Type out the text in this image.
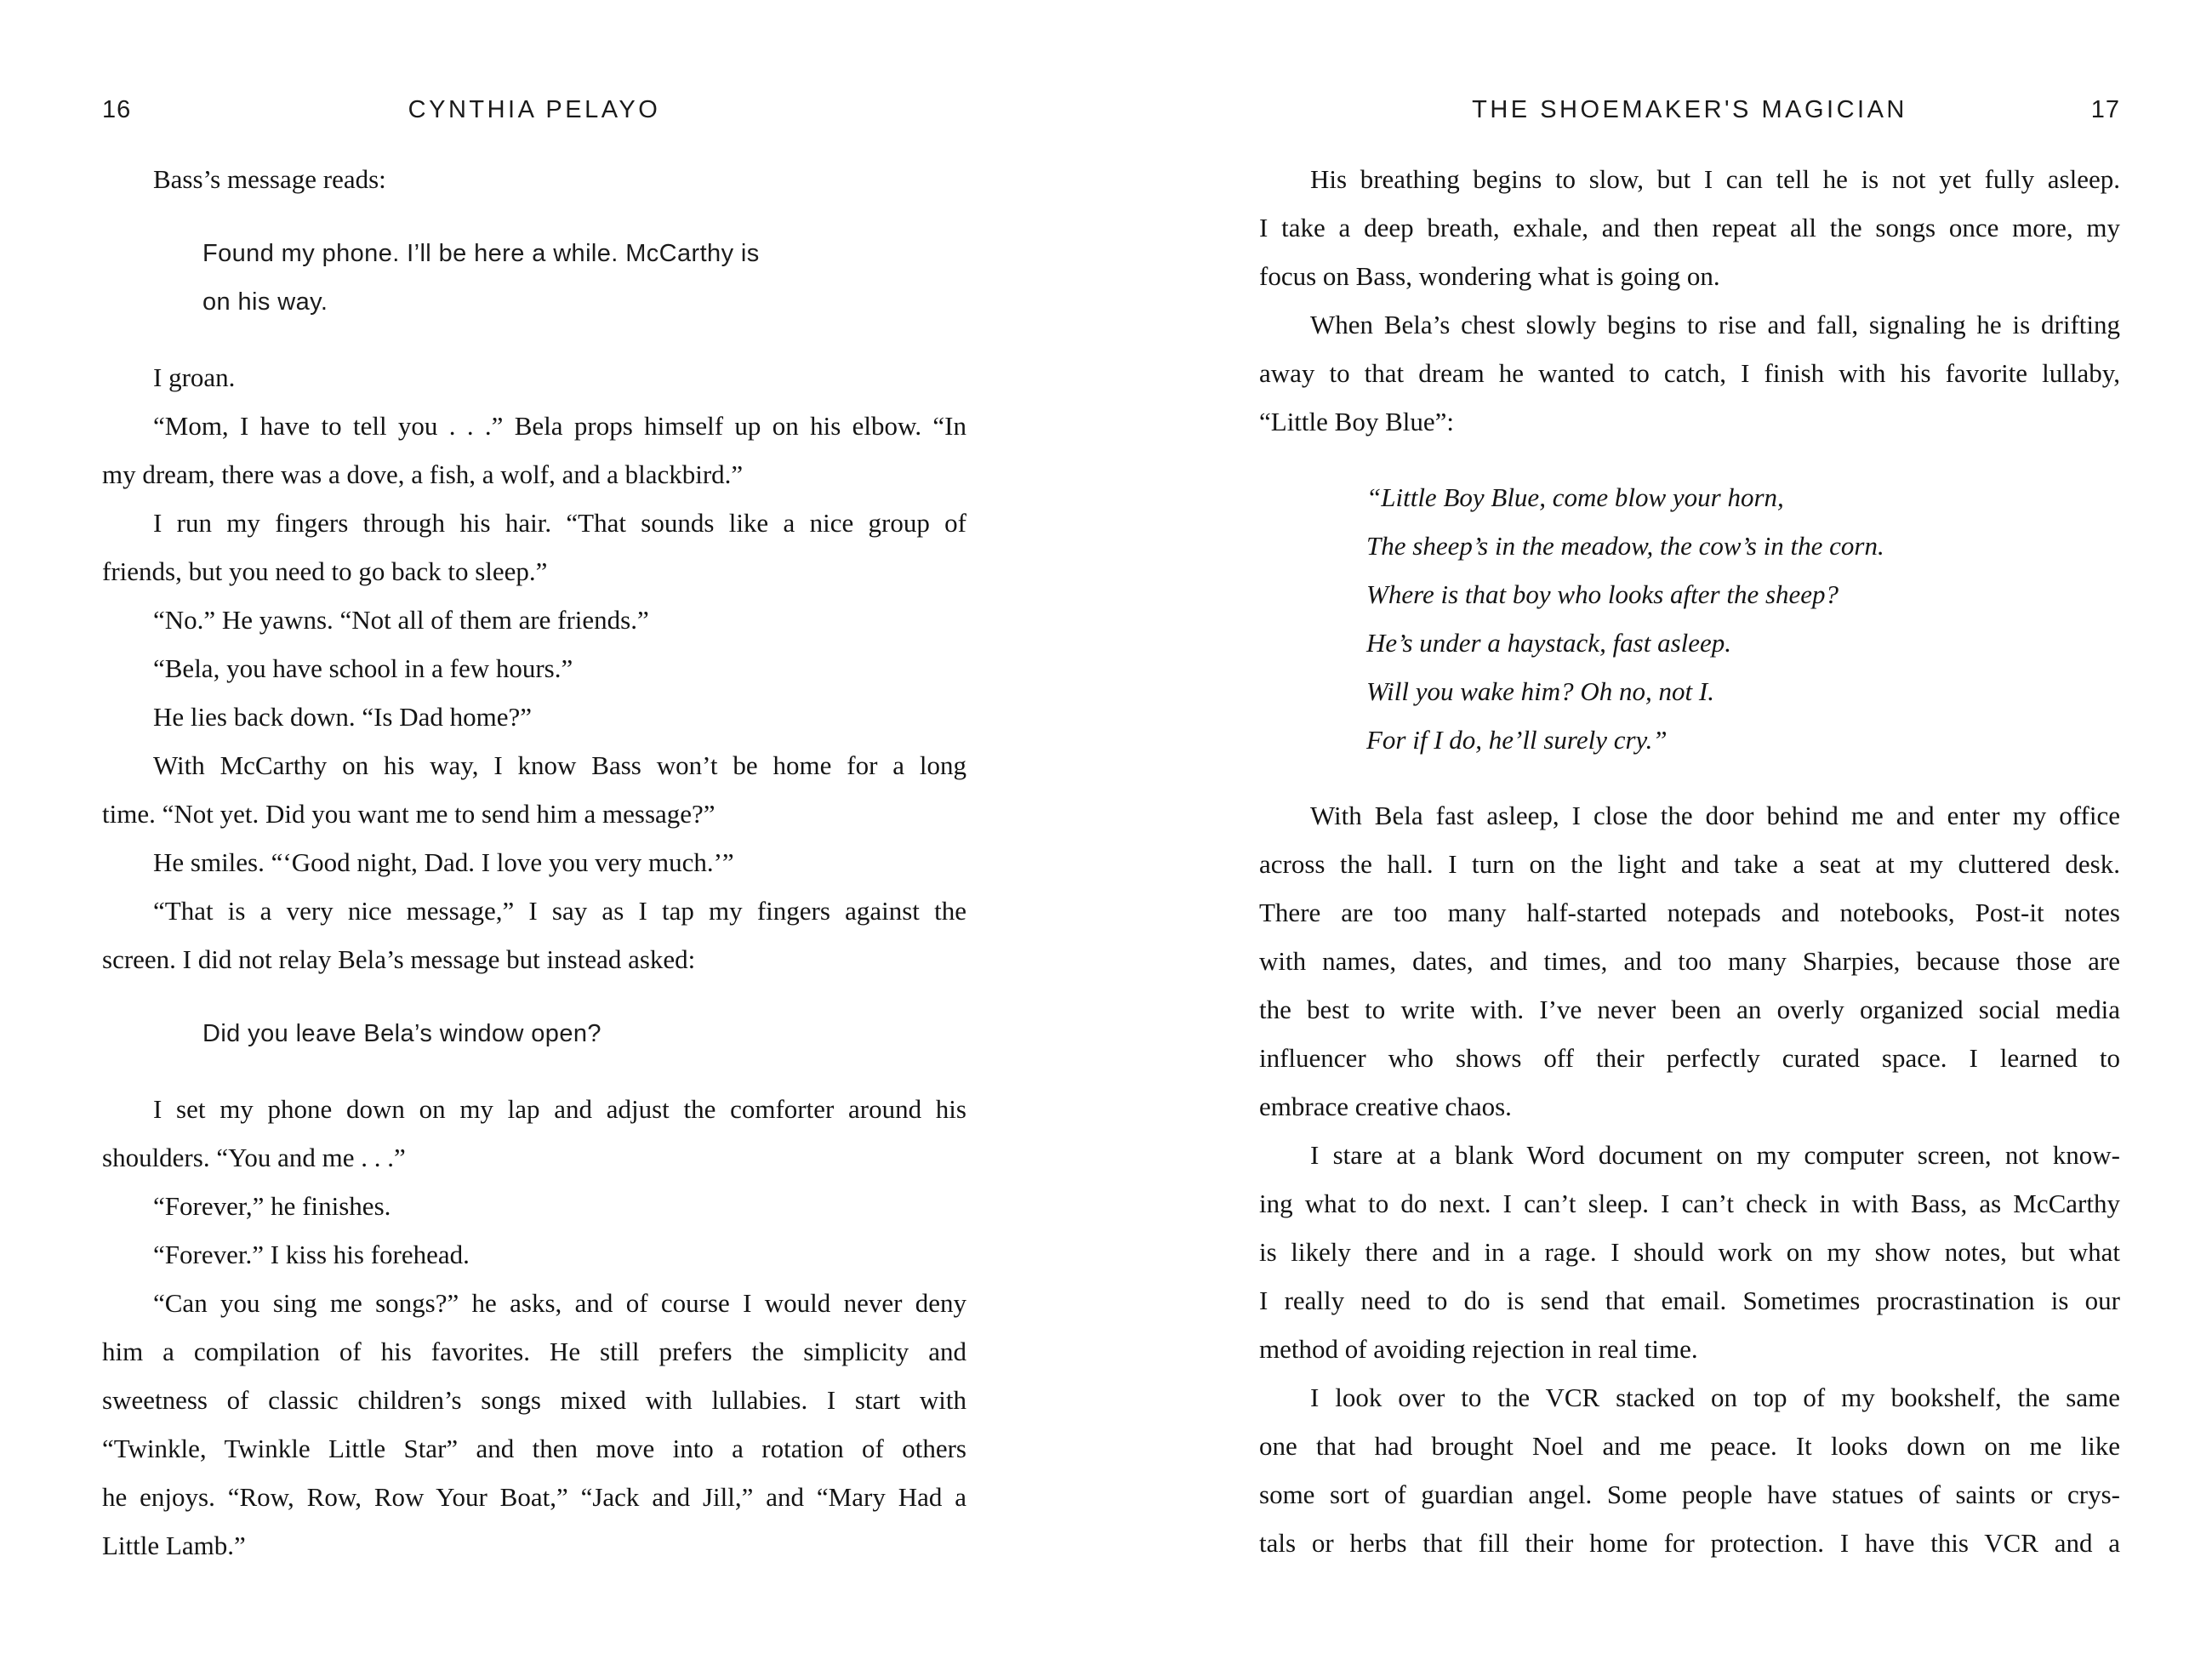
16	CYNTHIA PELAYO
Bass’s message reads:
Found my phone. I’ll be here a while. McCarthy is
on his way.
I groan.
“Mom, I have to tell you . . .” Bela props himself up on his elbow. “In
my dream, there was a dove, a fish, a wolf, and a blackbird.”
I run my fingers through his hair. “That sounds like a nice group of
friends, but you need to go back to sleep.”
“No.” He yawns. “Not all of them are friends.”
“Bela, you have school in a few hours.”
He lies back down. “Is Dad home?”
With McCarthy on his way, I know Bass won’t be home for a long
time. “Not yet. Did you want me to send him a message?”
He smiles. “‘Good night, Dad. I love you very much.’”
“That is a very nice message,” I say as I tap my fingers against the
screen. I did not relay Bela’s message but instead asked:
Did you leave Bela’s window open?
I set my phone down on my lap and adjust the comforter around his
shoulders. “You and me . . .”
“Forever,” he finishes.
“Forever.” I kiss his forehead.
“Can you sing me songs?” he asks, and of course I would never deny
him a compilation of his favorites. He still prefers the simplicity and
sweetness of classic children’s songs mixed with lullabies. I start with
“Twinkle, Twinkle Little Star” and then move into a rotation of others
he enjoys. “Row, Row, Row Your Boat,” “Jack and Jill,” and “Mary Had a
Little Lamb.”
THE SHOEMAKER'S MAGICIAN	17
His breathing begins to slow, but I can tell he is not yet fully asleep.
I take a deep breath, exhale, and then repeat all the songs once more, my
focus on Bass, wondering what is going on.
When Bela’s chest slowly begins to rise and fall, signaling he is drifting
away to that dream he wanted to catch, I finish with his favorite lullaby,
“Little Boy Blue”:
“Little Boy Blue, come blow your horn,
The sheep’s in the meadow, the cow’s in the corn.
Where is that boy who looks after the sheep?
He’s under a haystack, fast asleep.
Will you wake him? Oh no, not I.
For if I do, he’ll surely cry.”
With Bela fast asleep, I close the door behind me and enter my office
across the hall. I turn on the light and take a seat at my cluttered desk.
There are too many half-started notepads and notebooks, Post-it notes
with names, dates, and times, and too many Sharpies, because those are
the best to write with. I’ve never been an overly organized social media
influencer who shows off their perfectly curated space. I learned to
embrace creative chaos.
I stare at a blank Word document on my computer screen, not know-
ing what to do next. I can’t sleep. I can’t check in with Bass, as McCarthy
is likely there and in a rage. I should work on my show notes, but what
I really need to do is send that email. Sometimes procrastination is our
method of avoiding rejection in real time.
I look over to the VCR stacked on top of my bookshelf, the same
one that had brought Noel and me peace. It looks down on me like
some sort of guardian angel. Some people have statues of saints or crys-
tals or herbs that fill their home for protection. I have this VCR and a
